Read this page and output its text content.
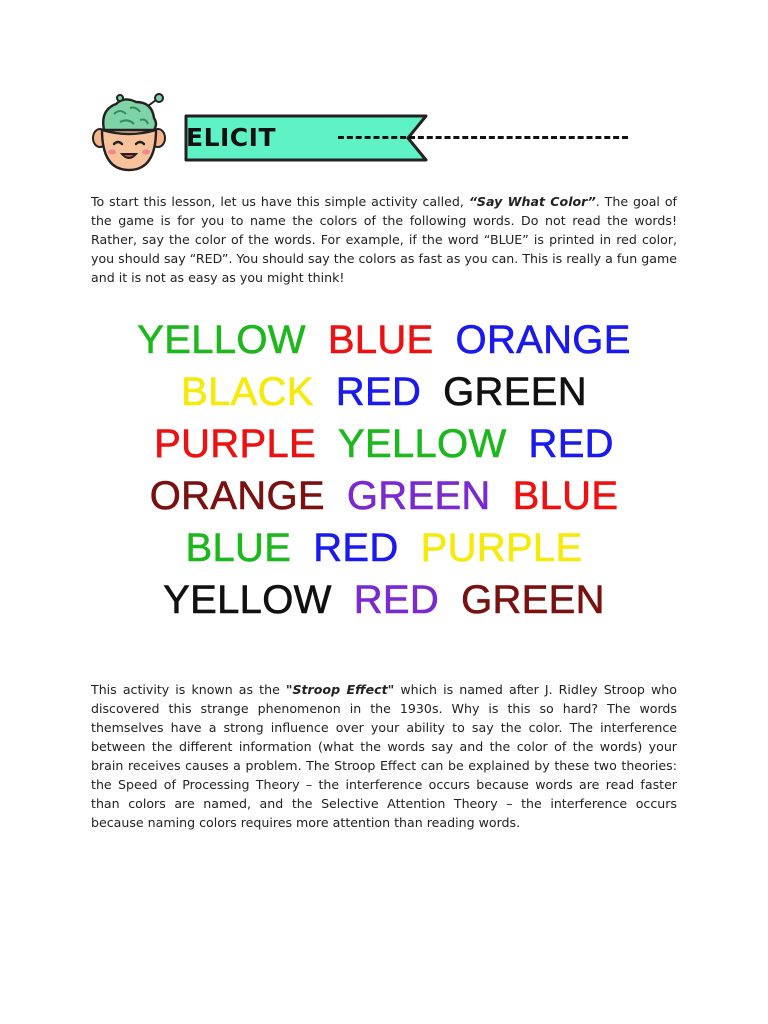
ELICIT

To start this lesson, let us have this simple activity called, “Say What Color”. The goal of the game is for you to name the colors of the following words. Do not read the words! Rather, say the color of the words. For example, if the word “BLUE” is printed in red color, you should say “RED”. You should say the colors as fast as you can. This is really a fun game and it is not as easy as you might think!

YELLOW BLUE ORANGE
BLACK RED GREEN
PURPLE YELLOW RED
ORANGE GREEN BLUE
BLUE RED PURPLE
YELLOW RED GREEN

This activity is known as the "Stroop Effect" which is named after J. Ridley Stroop who discovered this strange phenomenon in the 1930s. Why is this so hard? The words themselves have a strong influence over your ability to say the color. The interference between the different information (what the words say and the color of the words) your brain receives causes a problem. The Stroop Effect can be explained by these two theories: the Speed of Processing Theory – the interference occurs because words are read faster than colors are named, and the Selective Attention Theory – the interference occurs because naming colors requires more attention than reading words.
